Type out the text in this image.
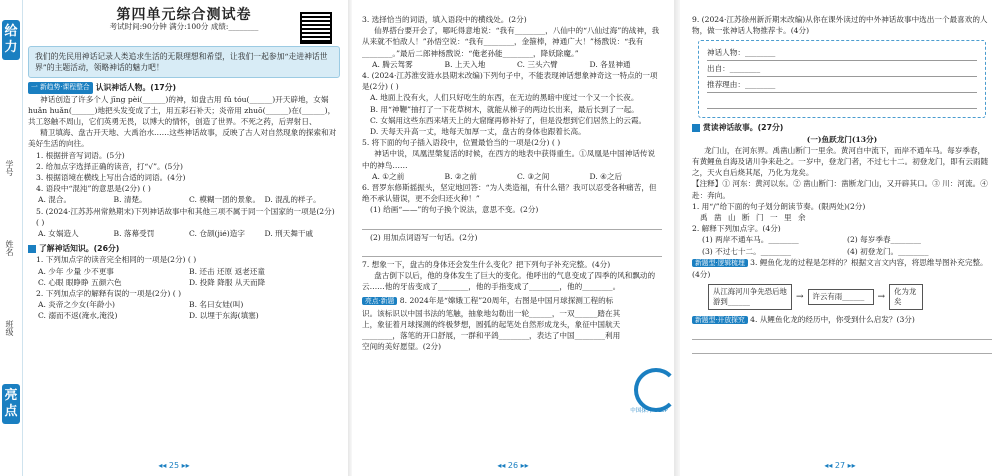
给力
学号
姓名
班级
亮点

第四单元综合测试卷

考试时间:90分钟 满分:100分 成绩:________

我们的先民用神话记录人类追求生活的无限理想和希望，让我们一起参加“走进神话世界”的主题活动，领略神话的魅力吧！
一 新趋势·课程整合 认识神话人物。(17分)

神话创造了许多个人 jīng pèi(______)的神，如盘古用 fǔ tóu(______)开天辟地，女娲 huǎn huǎn(______)地把头发变成了土，用五彩石补天；炎帝用 zhuō(______)在(______)，共工怒触不周山，它们英勇无畏，以博大的情怀，创造了世界。不死之药，后羿射日、

精卫填海、盘古开天地、大禹治水……这些神话故事，反映了古人对自然现象的探索和对美好生活的向往。

1. 根据拼音写词语。(5分)

2. 给加点字选择正确的读音，打“√”。(5分)

3. 根据语境在横线上写出合适的词语。(4分)

4. 语段中“混沌”的意思是(2分) ( )

A. 混合。	B. 清楚。	C. 模糊一团的景象。 D. 混乱的样子。

5. (2024·江苏苏州常熟期末)下列神话故事中和其他三项不属于同一个国家的一项是(2分) ( )

A. 女娲造人	B. 落幕受罚	C. 仓颉(jié)造字	D. 刑天舞干戚
了解神话知识。(26分)

1. 下列加点字的读音完全相同的一项是(2分) ( )

A. 少年 少量 少不更事	B. 还击 还原 返老还童
C. 心眼 眼睁睁 五颜六色	D. 投降 降服 从天而降

2. 下列加点字的解释有误的一项是(2分) ( )

A. 炎帝之少女(年龄小)	B. 名曰女娃(叫)
C. 溺而不返(淹水,淹没)	D. 以埋于东海(填塞)
◂◂ 25 ▸▸

3. 选择恰当的词语，填入语段中的横线处。(2分)

仙界搭台要开会了，哪吒得意地说：“我有________，八仙中的“八仙过海”的战神，我从来就不怕敌人！”孙悟空说：“我有________，金箍棒，神通广大！”杨戬说：“我有________。”最后二郎神杨戬说：“俺老孙能________，降妖除魔。”

A. 腾云驾雾	B. 上天入地	C. 三头六臂	D. 各显神通

4. (2024·江苏淮安涟水县期末改编)下列句子中，不能表现神话想象神奇这一特点的一项是(2分) ( )

A. 地面上没有火，人们只好吃生的东西，在无边的黑暗中度过一个又一个长夜。

B. 用“神鞭”抽打了一下花草树木，就能从梯子的两边长出来，最后长到了一起。

C. 女娲用这些东西来堵天上的大窟窿再修补好了，但是没想到它们居然上的云霞。

D. 天每天升高一丈，地每天加厚一丈，盘古的身体也跟着长高。

5. 将下面的句子插入语段中，位置最恰当的一项是(2分) ( )

神话中说，凤凰涅槃复活的时候，在西方的地表中获得重生。①凤凰是中国神话传说中的神鸟……

A. ①之前	B. ②之前	C. ③之间	D. ④之后

6. 晋罗东修斯摇振头，坚定地回答：“为人类造福，有什么错？我可以忍受各种痛苦，但绝不承认错误，更不会归还火种！”

(1) 给画“——”的句子换个说法，意思不变。(2分)

(2) 用加点词语写一句话。(2分)

7. 想象一下，盘古的身体还会发生什么变化？把下列句子补充完整。(4分)

盘古倒下以后，他的身体发生了巨大的变化。他呼出的气息变成了四季的风和飘动的云……他的牙齿变成了________，他的手指变成了________，他的________。

亮点·新题 8. 2024年是“嫦娥工程”20周年，右图是中国月球探测工程的标识。该标识以中国书法的笔触，抽象地勾勒出一轮______，一双______踏在其上，象征着月球探测的终极梦想，圆弧的起笔处自然形成龙头，象征中国航天________，落笔的开口舒展，一群和平鸽________，表达了中国________利用空间的美好愿望。(2分)

中国探月 CLEP
◂◂ 26 ▸▸

9. (2024·江苏徐州新沂期末改编)从你在课外读过的中外神话故事中选出一个最喜欢的人物，做一张神话人物推荐卡。(4分)

神话人物：________
出自：________
推荐理由：________
赏读神话故事。(27分)

(一)鱼跃龙门(13分)

龙门山，在河东界。禹凿山断门一里余。黄河自中流下，而岸不通车马。每岁季春，有黄鲤鱼自海及诸川争来赴之。一岁中，登龙门者，不过七十二。初登龙门，即有云雨随之，天火自后烧其尾，乃化为龙矣。

【注释】① 河东：黄河以东。② 凿山断门：凿断龙门山，又开辟其口。③ 川：河流。④ 赴：奔向。

1. 用“/”给下面的句子划分朗读节奏。(限两处)(2分)

禹 凿 山 断 门 一 里 余

2. 解释下列加点字。(4分)

(1) 两岸不通车马。________	(2) 每岁季春________
(3) 不过七十二。________	(4) 初登龙门。________

新题型·逻辑梳理 3. 鲤鱼化龙的过程是怎样的？根据文言文内容，将思维导图补充完整。(4分)

从江海河川争先恐后地游到______
→	许云有雨______	→	化为龙矣

新题型·开放探究 4. 从鲤鱼化龙的经历中，你受到什么启发？(3分)

◂◂ 27 ▸▸
